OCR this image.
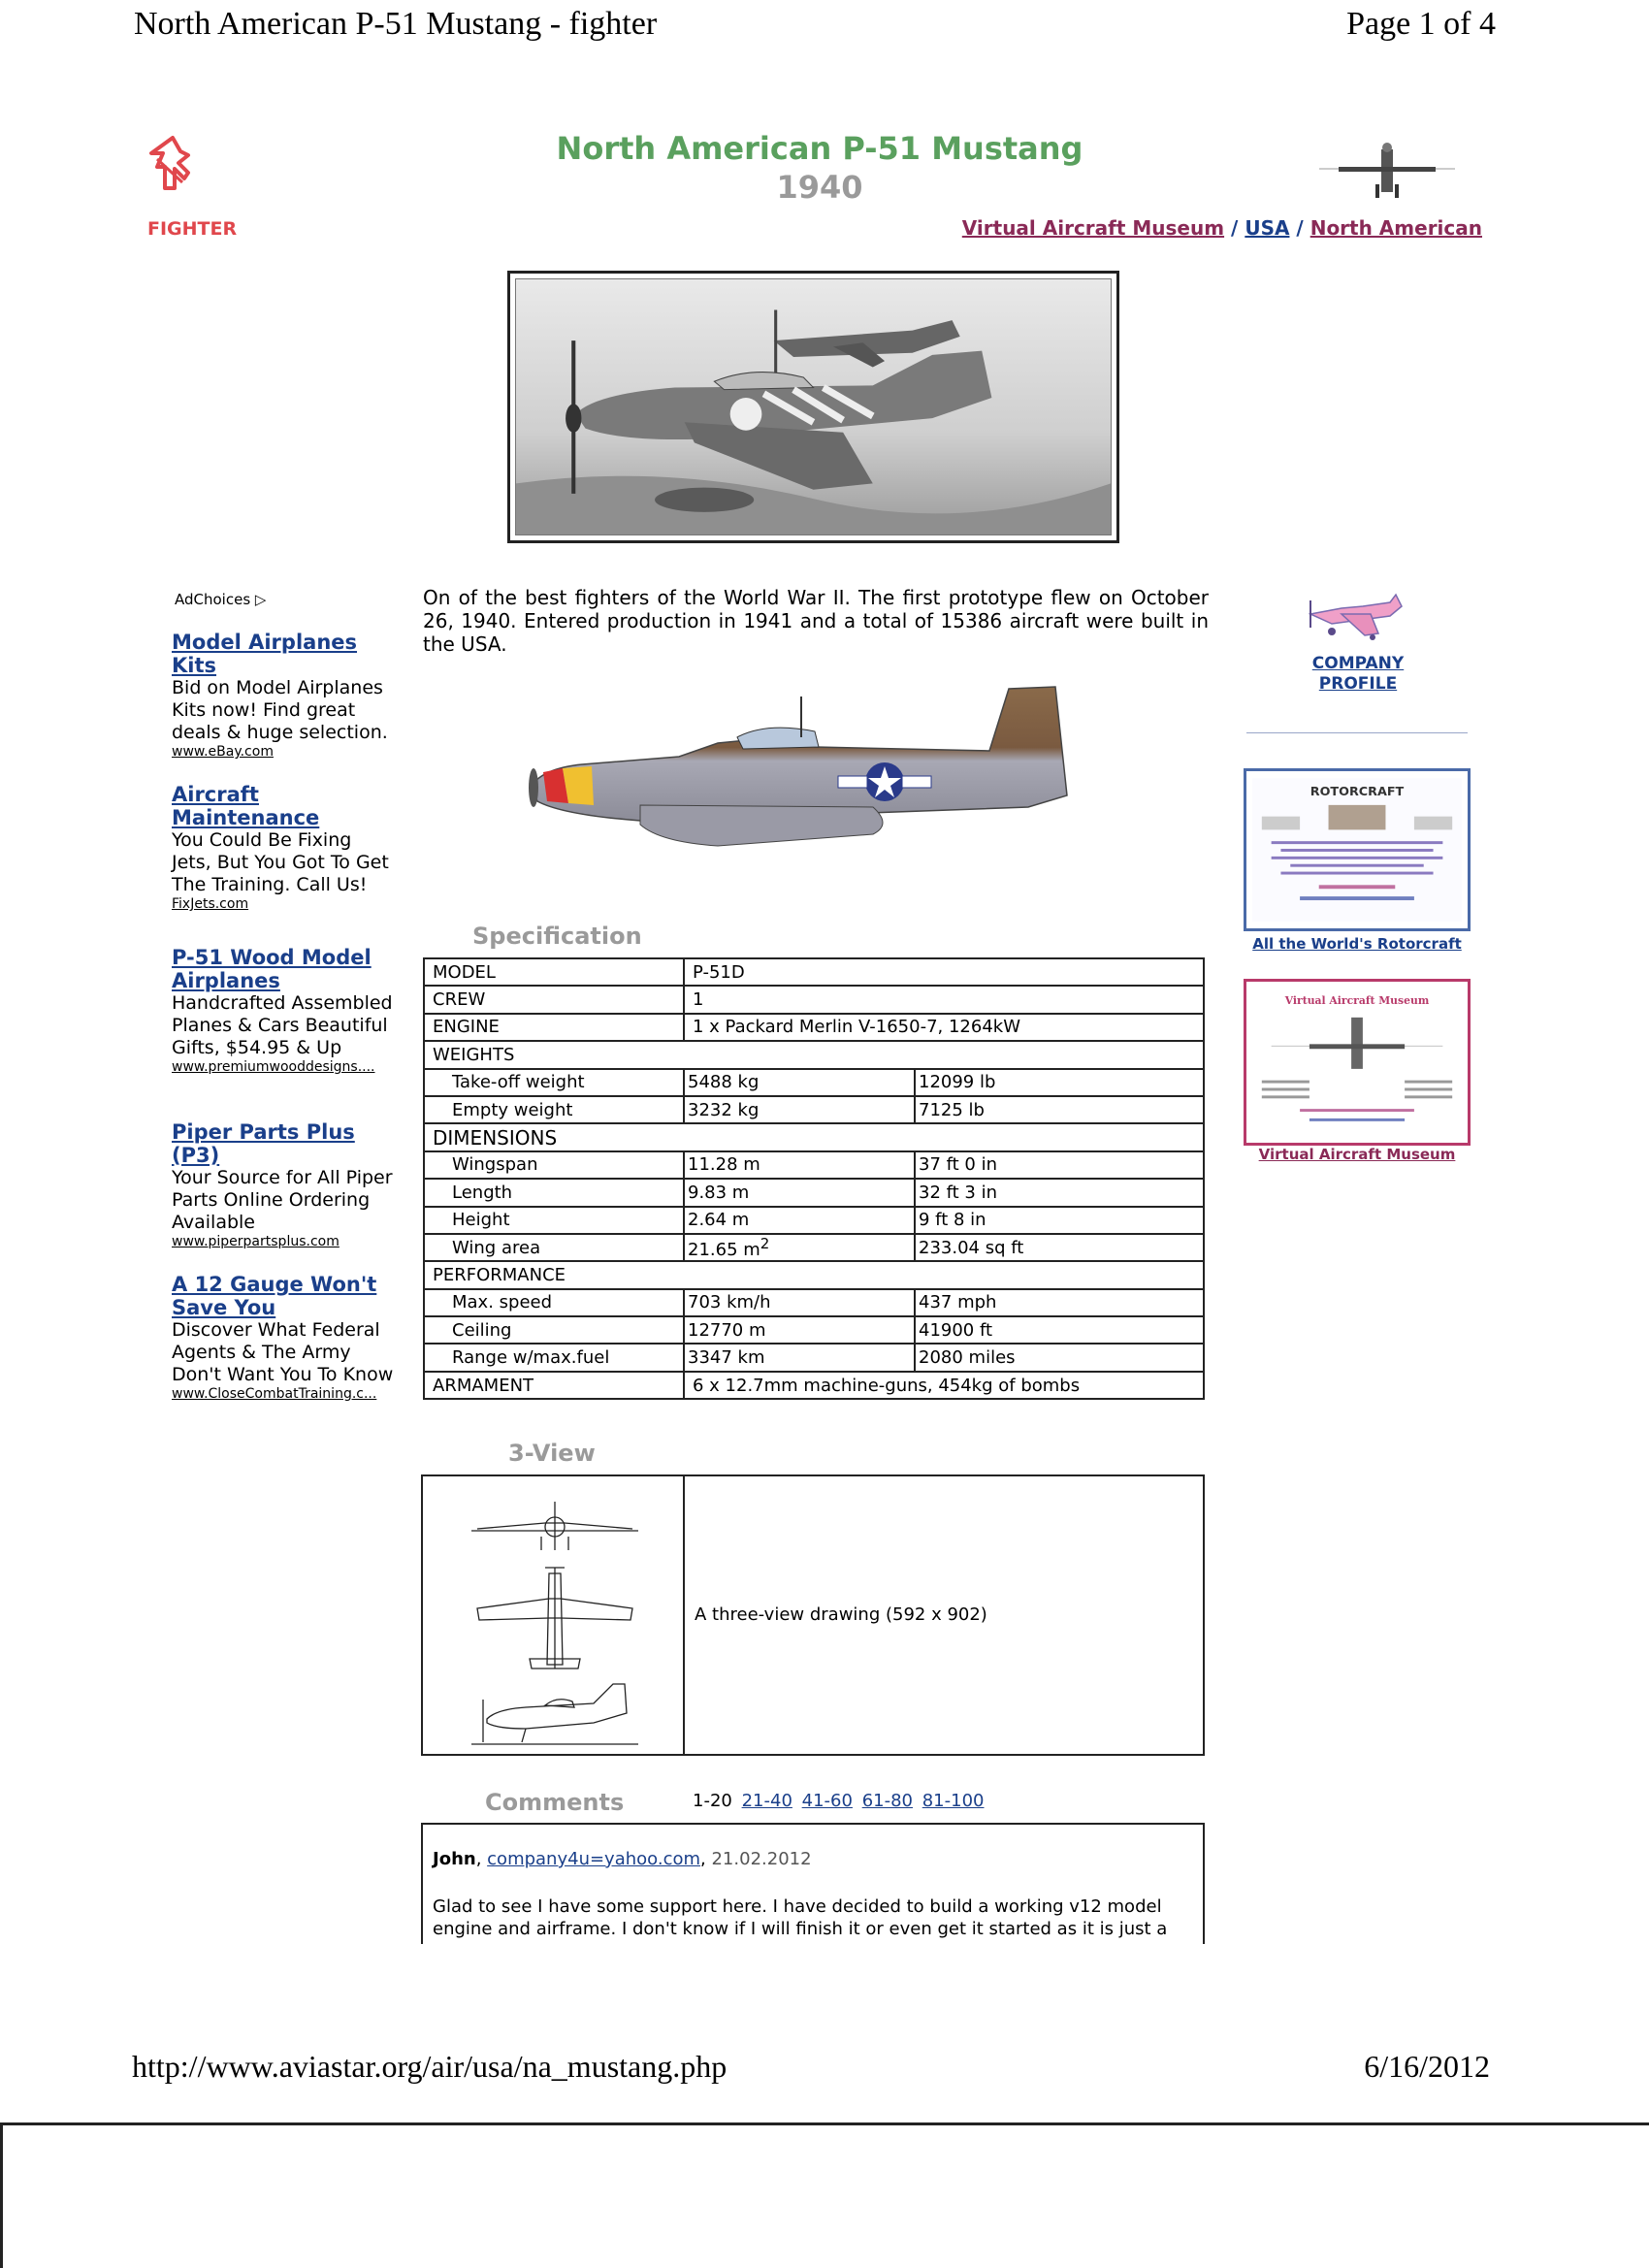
North American P-51 Mustang - fighter	Page 1 of 4
FIGHTER
North American P-51 Mustang
1940
Virtual Aircraft Museum / USA / North American
AdChoices ▷
Model Airplanes Kits
Bid on Model Airplanes Kits now! Find great deals & huge selection.
www.eBay.com
Aircraft Maintenance
You Could Be Fixing Jets, But You Got To Get The Training. Call Us!
FixJets.com
P-51 Wood Model Airplanes
Handcrafted Assembled Planes & Cars Beautiful Gifts, $54.95 & Up
www.premiumwooddesigns....
Piper Parts Plus (P3)
Your Source for All Piper Parts Online Ordering Available
www.piperpartsplus.com
A 12 Gauge Won't Save You
Discover What Federal Agents & The Army Don't Want You To Know
www.CloseCombatTraining.c...
On of the best fighters of the World War II. The first prototype flew on October 26, 1940. Entered production in 1941 and a total of 15386 aircraft were built in the USA.
COMPANY PROFILE
ROTORCRAFT
All the World's Rotorcraft
Virtual Aircraft Museum
Virtual Aircraft Museum
Specification
MODEL	P-51D	
CREW	1	
ENGINE	1 x Packard Merlin V-1650-7, 1264kW	
WEIGHTS		
Take-off weight	5488 kg	12099 lb
Empty weight	3232 kg	7125 lb
DIMENSIONS		
Wingspan	11.28 m	37 ft 0 in
Length	9.83 m	32 ft 3 in
Height	2.64 m	9 ft 8 in
Wing area	21.65 $m^2$	233.04 sq ft
PERFORMANCE		
Max. speed	703 km/h	437 mph
Ceiling	12770 m	41900 ft
Range w/max.fuel	3347 km	2080 miles
ARMAMENT	6 x 12.7mm machine-guns, 454kg of bombs	
3-View
A three-view drawing (592 x 902)
Comments	1-20 21-40 41-60 61-80 81-100
John, company4u=yahoo.com, 21.02.2012
Glad to see I have some support here. I have decided to build a working v12 model engine and airframe. I don't know if I will finish it or even get it started as it is just a
http://www.aviastar.org/air/usa/na_mustang.php	6/16/2012
